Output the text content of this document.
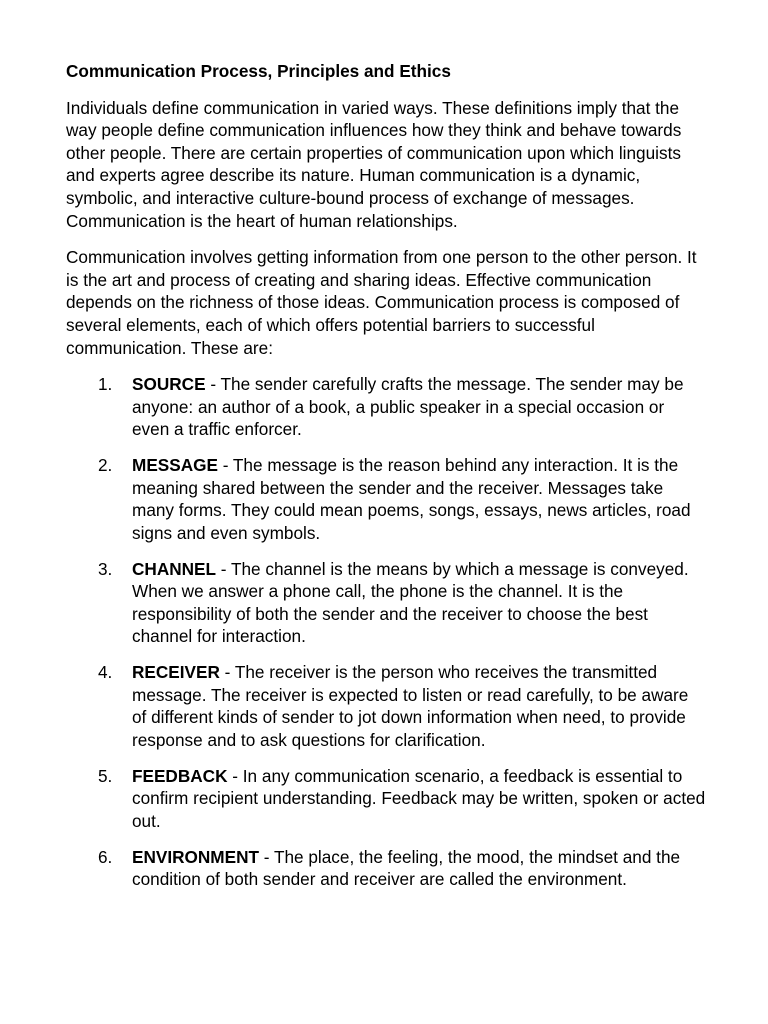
Communication Process, Principles and Ethics

Individuals define communication in varied ways. These definitions imply that the way people define communication influences how they think and behave towards other people. There are certain properties of communication upon which linguists and experts agree describe its nature. Human communication is a dynamic, symbolic, and interactive culture-bound process of exchange of messages. Communication is the heart of human relationships.

Communication involves getting information from one person to the other person. It is the art and process of creating and sharing ideas. Effective communication depends on the richness of those ideas. Communication process is composed of several elements, each of which offers potential barriers to successful communication. These are:

1. SOURCE - The sender carefully crafts the message. The sender may be anyone: an author of a book, a public speaker in a special occasion or even a traffic enforcer.
2. MESSAGE - The message is the reason behind any interaction. It is the meaning shared between the sender and the receiver. Messages take many forms. They could mean poems, songs, essays, news articles, road signs and even symbols.
3. CHANNEL - The channel is the means by which a message is conveyed. When we answer a phone call, the phone is the channel. It is the responsibility of both the sender and the receiver to choose the best channel for interaction.
4. RECEIVER - The receiver is the person who receives the transmitted message. The receiver is expected to listen or read carefully, to be aware of different kinds of sender to jot down information when need, to provide response and to ask questions for clarification.
5. FEEDBACK - In any communication scenario, a feedback is essential to confirm recipient understanding. Feedback may be written, spoken or acted out.
6. ENVIRONMENT - The place, the feeling, the mood, the mindset and the condition of both sender and receiver are called the environment.
